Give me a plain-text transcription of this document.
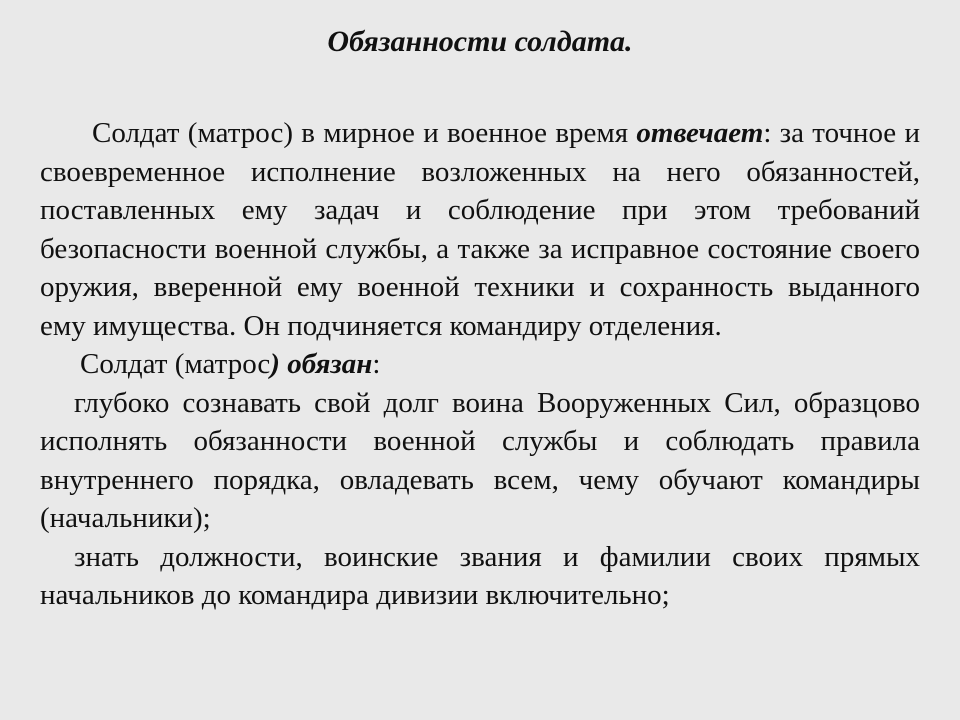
Обязанности солдата.

Солдат (матрос) в мирное и военное время отвечает: за точное и своевременное исполнение возложенных на него обязанностей, поставленных ему задач и соблюдение при этом требований безопасности военной службы, а также за исправное состояние своего оружия, вверенной ему военной техники и сохранность выданного ему имущества. Он подчиняется командиру отделения.

Солдат (матрос) обязан:

глубоко сознавать свой долг воина Вооруженных Сил, образцово исполнять обязанности военной службы и соблюдать правила внутреннего порядка, овладевать всем, чему обучают командиры (начальники);

знать должности, воинские звания и фамилии своих прямых начальников до командира дивизии включительно;
